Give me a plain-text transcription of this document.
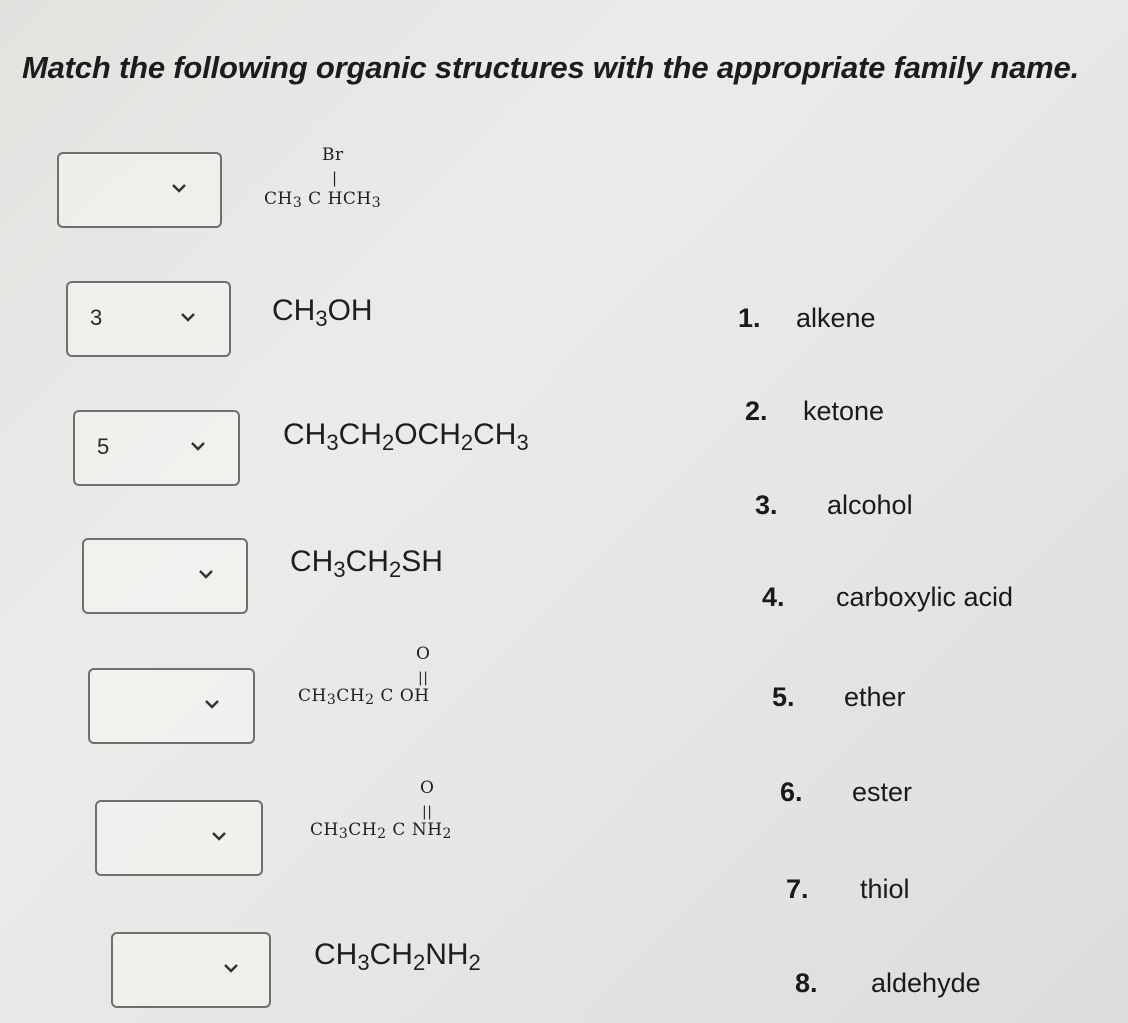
Match the following organic structures with the appropriate family name.
Br
|
$CH_3$ C $HCH_3$
3	$CH_3OH$
5	$CH_3CH_2OCH_2CH_3$
$CH_3CH_2SH$
O
||
$CH_3CH_2$ C OH
O
||
$CH_3CH_2$ C $NH_2$
$CH_3CH_2NH_2$
1. alkene
2. ketone
3. alcohol
4. carboxylic acid
5. ether
6. ester
7. thiol
8. aldehyde
